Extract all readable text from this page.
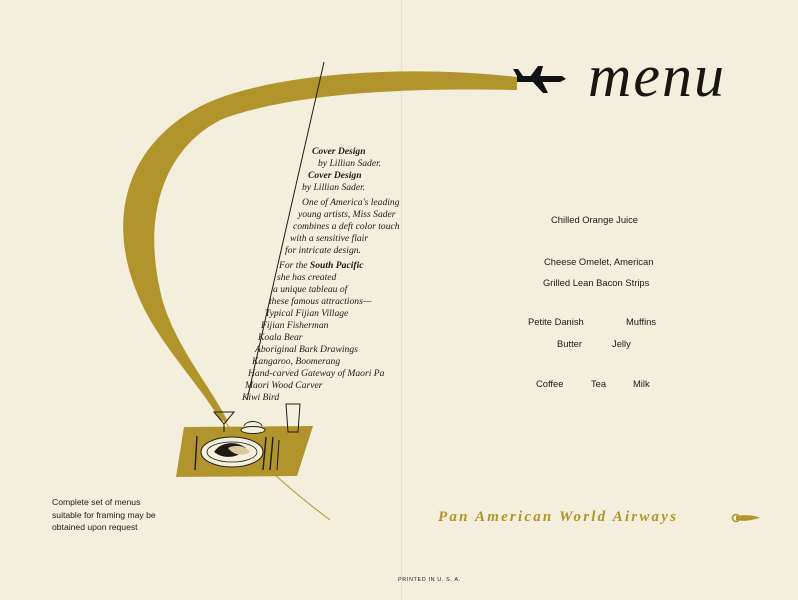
Cover Design
by Lillian Sader.
Cover Design
by Lillian Sader.
One of America's leading
young artists, Miss Sader
combines a deft color touch
with a sensitive flair
for intricate design.
For the South Pacific
she has created
a unique tableau of
these famous attractions—
Typical Fijian Village
Fijian Fisherman
Koala Bear
Aboriginal Bark Drawings
Kangaroo, Boomerang
Hand-carved Gateway of Maori Pa
Maori Wood Carver
Kiwi Bird
Complete set of menus
suitable for framing may be
obtained upon request
menu
Chilled Orange Juice
Cheese Omelet, American
Grilled Lean Bacon Strips
Petite Danish	Muffins
Butter	Jelly
Coffee	Tea	Milk
Pan American World Airways
PRINTED IN U. S. A.
